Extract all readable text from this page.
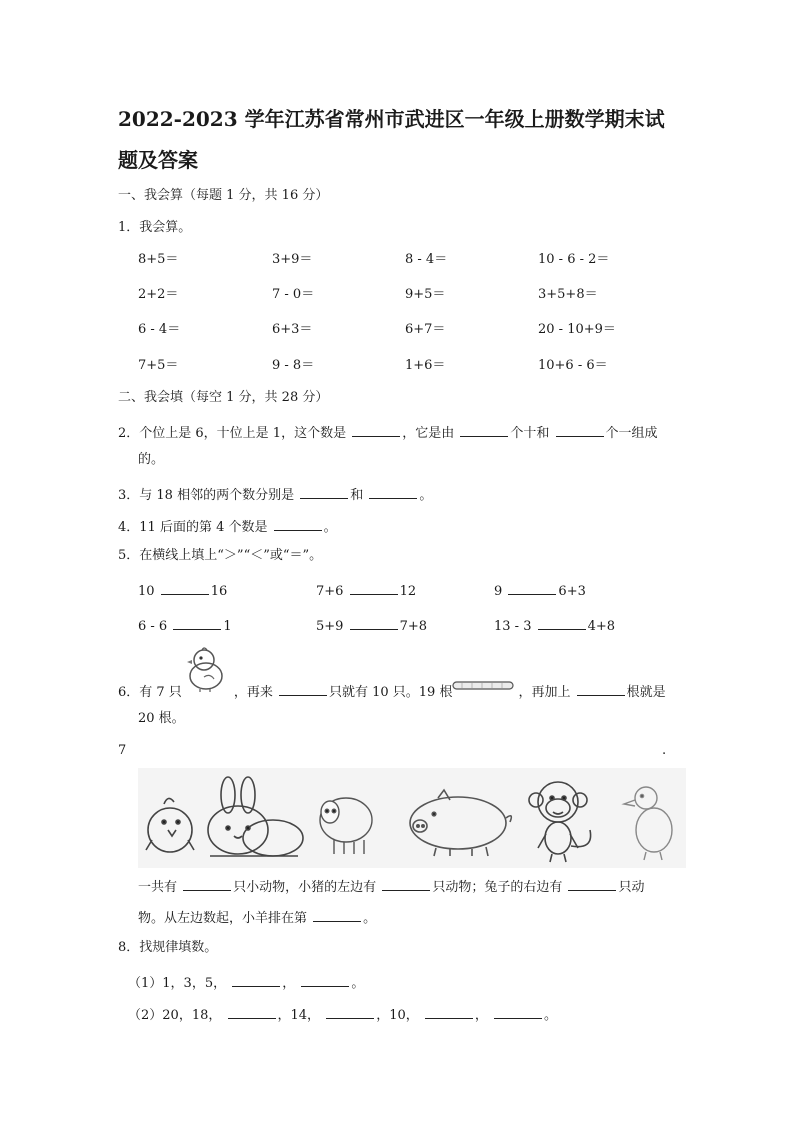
2022-2023 学年江苏省常州市武进区一年级上册数学期末试
题及答案
一、我会算（每题 1 分，共 16 分）
1．我会算。
8+5＝	3+9＝	8 - 4＝	10 - 6 - 2＝
2+2＝	7 - 0＝	9+5＝	3+5+8＝
6 - 4＝	6+3＝	6+7＝	20 - 10+9＝
7+5＝	9 - 8＝	1+6＝	10+6 - 6＝
二、我会填（每空 1 分，共 28 分）
2．个位上是 6，十位上是 1，这个数是	，它是由	个十和	个一组成
的。
3．与 18 相邻的两个数分别是	和	。
4．11 后面的第 4 个数是	。
5．在横线上填上“＞”“＜”或“＝”。
10	16	7+6	12	9	6+3
6 - 6	1	5+9	7+8	13 - 3	4+8
6．有 7 只	，再来	只就有 10 只。19 根	，再加上	根就是
20 根。
7	.
一共有	只小动物，小猪的左边有	只动物；兔子的右边有	只动
物。从左边数起，小羊排在第	。
8．找规律填数。
（1）1，3，5，	，	。
（2）20，18，	，14，	，10，	，	。
